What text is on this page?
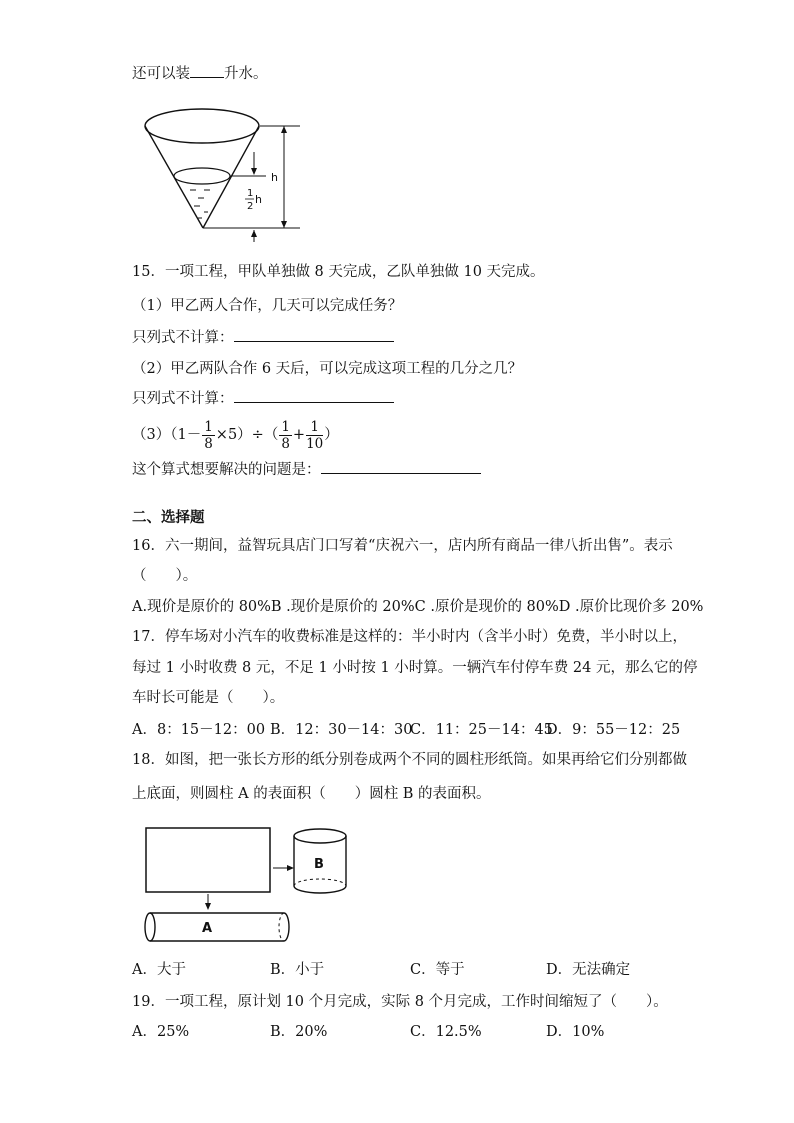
还可以装 升水。
h
1
2
h
15．一项工程，甲队单独做 8 天完成，乙队单独做 10 天完成。
（1）甲乙两人合作，几天可以完成任务？
只列式不计算：
（2）甲乙两队合作 6 天后，可以完成这项工程的几分之几？
只列式不计算：
$(3)(1- \frac{1}{8} \times 5)\div( \frac{1}{8} + \frac{1}{10}$ ）
这个算式想要解决的问题是：
二、选择题
16．六一期间，益智玩具店门口写着“庆祝六一，店内所有商品一律八折出售”。表示
（　　）。
A.现价是原价的 80%B .现价是原价的 20%C .原价是现价的 80%D .原价比现价多 20%
17．停车场对小汽车的收费标准是这样的：半小时内（含半小时）免费，半小时以上，
每过 1 小时收费 8 元，不足 1 小时按 1 小时算。一辆汽车付停车费 24 元，那么它的停
车时长可能是（　　）。
A．8：15－12：00 B．12：30－14：30
C．11：25－14：45
D．9：55－12：25
18．如图，把一张长方形的纸分别卷成两个不同的圆柱形纸筒。如果再给它们分别都做
上底面，则圆柱 A 的表面积（　　）圆柱 B 的表面积。
B
A
A．大于	B．小于	C．等于	D．无法确定
19．一项工程，原计划 10 个月完成，实际 8 个月完成，工作时间缩短了（　　）。
A．25%	B．20%	C．12.5%	D．10%
